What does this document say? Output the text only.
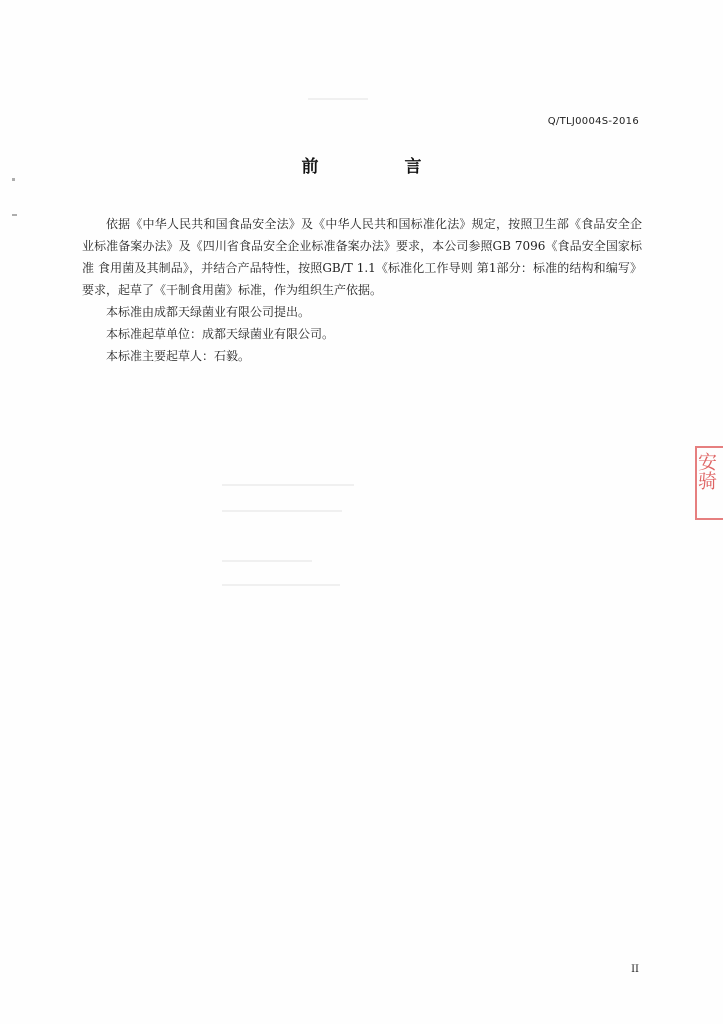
Q/TLJ0004S-2016
前 言

依据《中华人民共和国食品安全法》及《中华人民共和国标准化法》规定，按照卫生部《食品安全企业标准备案办法》及《四川省食品安全企业标准备案办法》要求，本公司参照GB 7096《食品安全国家标准 食用菌及其制品》，并结合产品特性，按照GB/T 1.1《标准化工作导则 第1部分：标准的结构和编写》要求，起草了《干制食用菌》标准，作为组织生产依据。

本标准由成都天绿菌业有限公司提出。

本标准起草单位：成都天绿菌业有限公司。

本标准主要起草人：石毅。

安骑
II
